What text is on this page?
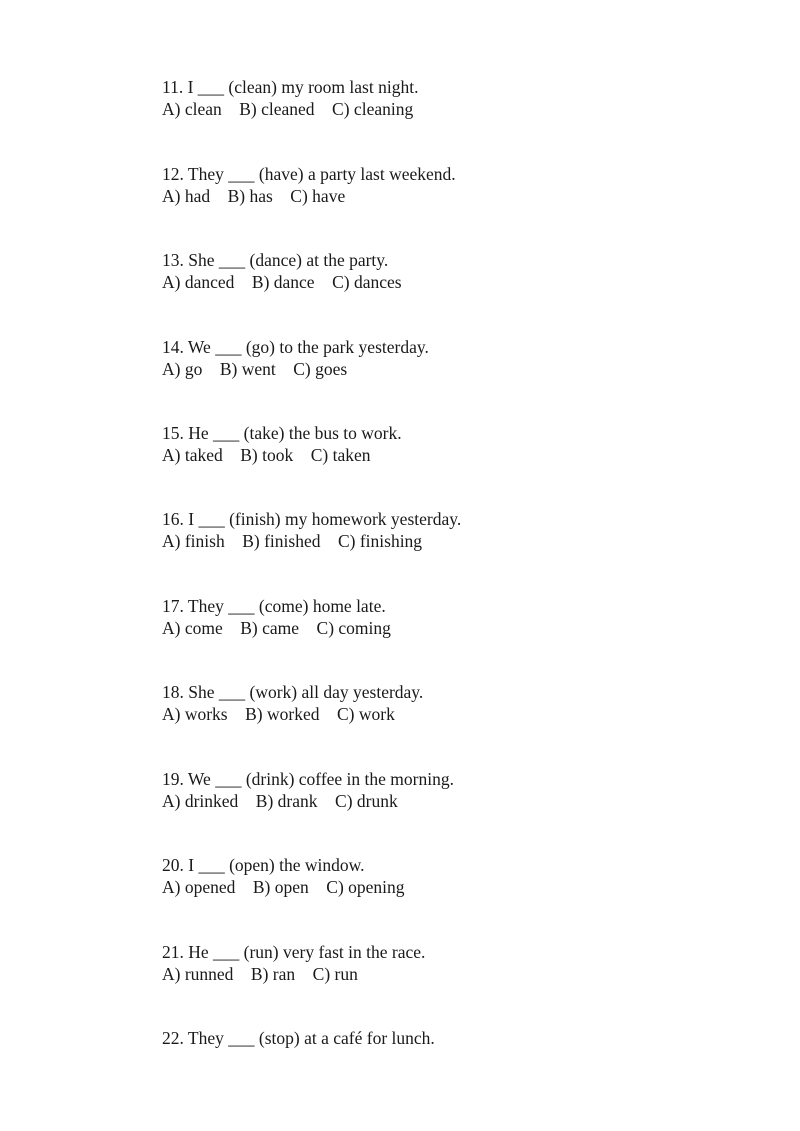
11. I ___ (clean) my room last night.
A) clean    B) cleaned    C) cleaning
12. They ___ (have) a party last weekend.
A) had    B) has    C) have
13. She ___ (dance) at the party.
A) danced    B) dance    C) dances
14. We ___ (go) to the park yesterday.
A) go    B) went    C) goes
15. He ___ (take) the bus to work.
A) taked    B) took    C) taken
16. I ___ (finish) my homework yesterday.
A) finish    B) finished    C) finishing
17. They ___ (come) home late.
A) come    B) came    C) coming
18. She ___ (work) all day yesterday.
A) works    B) worked    C) work
19. We ___ (drink) coffee in the morning.
A) drinked    B) drank    C) drunk
20. I ___ (open) the window.
A) opened    B) open    C) opening
21. He ___ (run) very fast in the race.
A) runned    B) ran    C) run
22. They ___ (stop) at a café for lunch.
